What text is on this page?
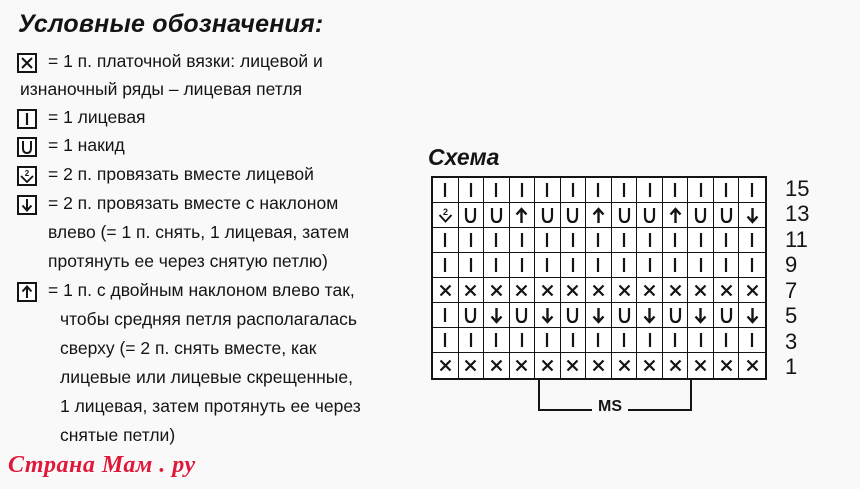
Условные обозначения:

= 1 п. платочной вязки: лицевой и

изнаночный ряды – лицевая петля

= 1 лицевая

= 1 накид

2 = 2 п. провязать вместе лицевой

= 2 п. провязать вместе с наклоном

влево (= 1 п. снять, 1 лицевая, затем

протянуть ее через снятую петлю)

= 1 п. с двойным наклоном влево так,

чтобы средняя петля располагалась

сверху (= 2 п. снять вместе, как

лицевые или лицевые скрещенные,

1 лицевая, затем протянуть ее через

снятые петли)

Схема
2
15
13
11
9
7
5
3
1
MS
Страна Мам . ру
